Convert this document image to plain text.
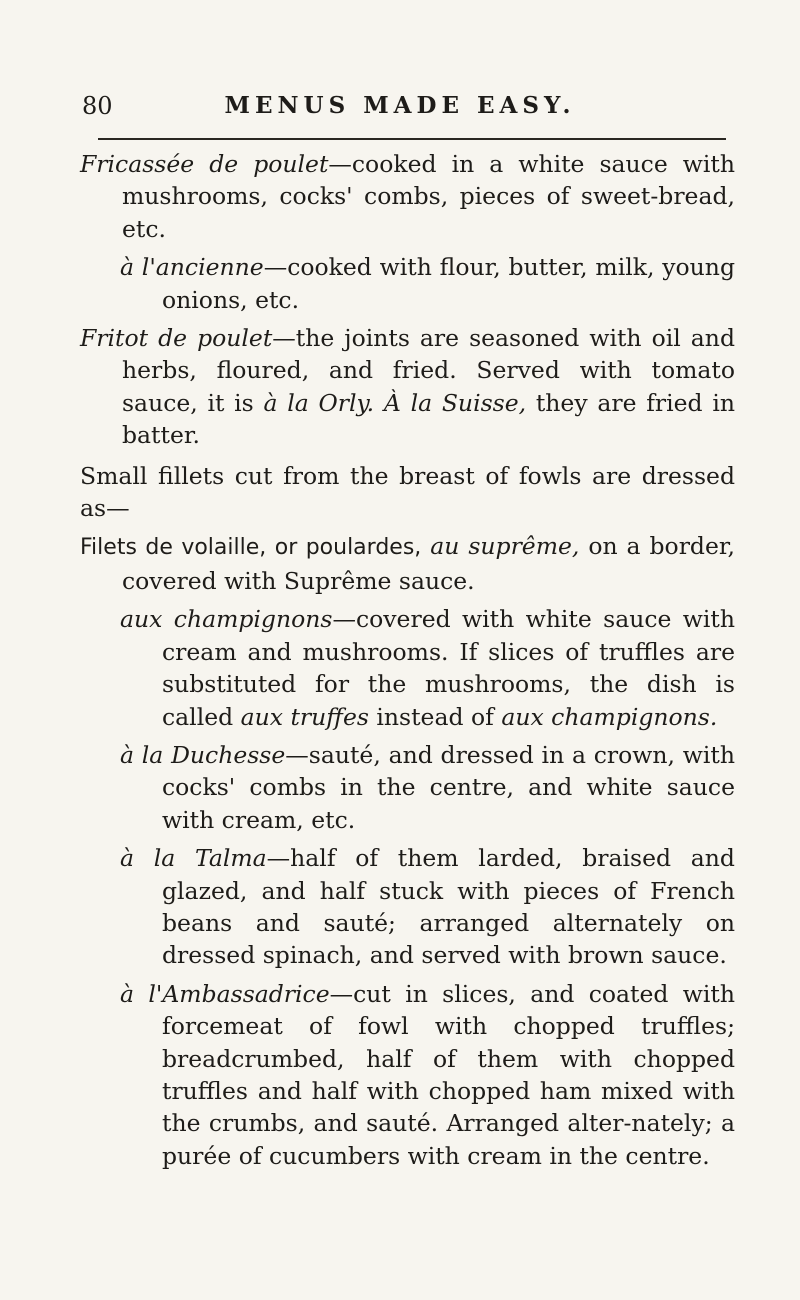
80	MENUS MADE EASY.

Fricassée de poulet—cooked in a white sauce with mushrooms, cocks' combs, pieces of sweet-bread, etc.

à l'ancienne—cooked with flour, butter, milk, young onions, etc.

Fritot de poulet—the joints are seasoned with oil and herbs, floured, and fried. Served with tomato sauce, it is à la Orly. À la Suisse, they are fried in batter.

Small fillets cut from the breast of fowls are dressed as—

Filets de volaille, or poulardes, au suprême, on a border, covered with Suprême sauce.

aux champignons—covered with white sauce with cream and mushrooms. If slices of truffles are substituted for the mushrooms, the dish is called aux truffes instead of aux champignons.

à la Duchesse—sauté, and dressed in a crown, with cocks' combs in the centre, and white sauce with cream, etc.

à la Talma—half of them larded, braised and glazed, and half stuck with pieces of French beans and sauté; arranged alternately on dressed spinach, and served with brown sauce.

à l'Ambassadrice—cut in slices, and coated with forcemeat of fowl with chopped truffles; breadcrumbed, half of them with chopped truffles and half with chopped ham mixed with the crumbs, and sauté. Arranged alter-nately; a purée of cucumbers with cream in the centre.
